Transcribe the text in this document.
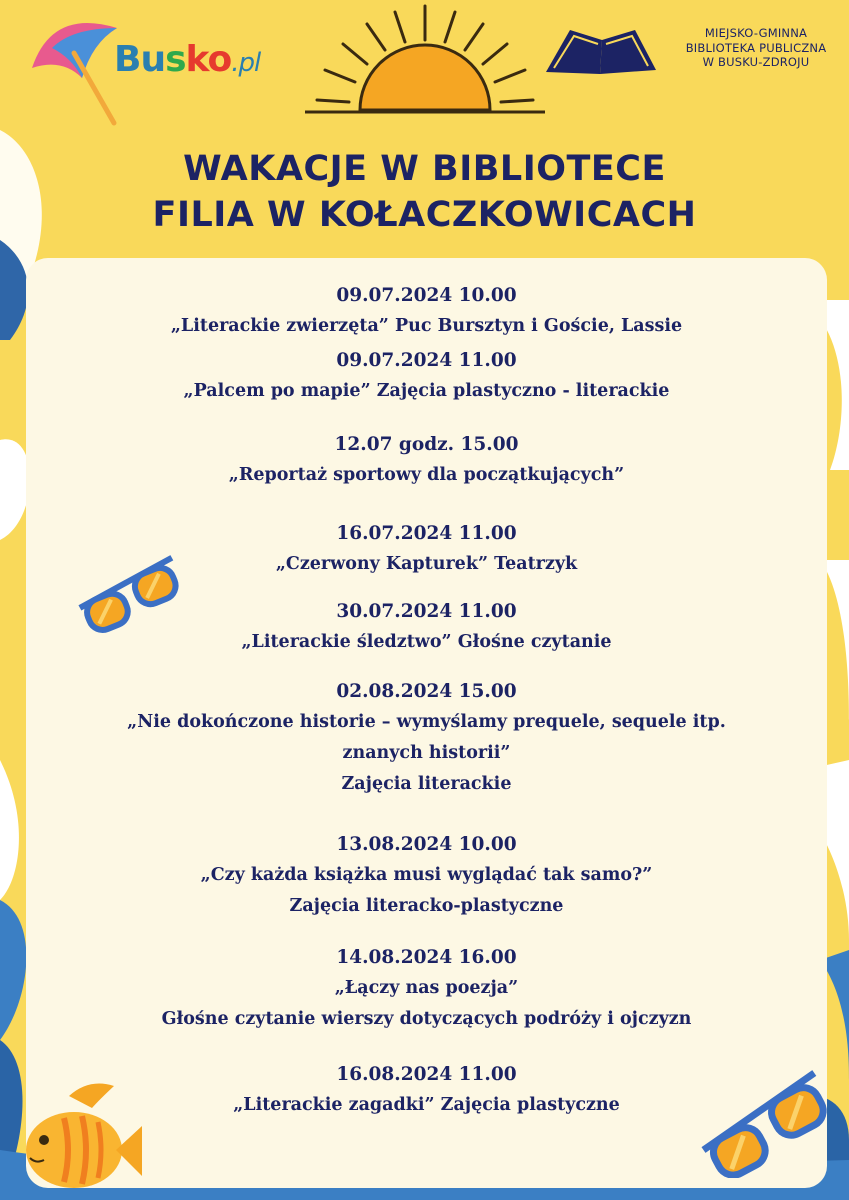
Busko.pl
MIEJSKO-GMINNA
BIBLIOTEKA PUBLICZNA
W BUSKU-ZDROJU
WAKACJE W BIBLIOTECE
FILIA W KOŁACZKOWICACH
09.07.2024 10.00
„Literackie zwierzęta” Puc Bursztyn i Goście, Lassie
09.07.2024 11.00
„Palcem po mapie” Zajęcia plastyczno - literackie
12.07 godz. 15.00
„Reportaż sportowy dla początkujących”
16.07.2024 11.00
„Czerwony Kapturek” Teatrzyk
30.07.2024 11.00
„Literackie śledztwo” Głośne czytanie
02.08.2024 15.00
„Nie dokończone historie – wymyślamy prequele, sequele itp.
znanych historii”
Zajęcia literackie
13.08.2024 10.00
„Czy każda książka musi wyglądać tak samo?”
Zajęcia literacko-plastyczne
14.08.2024 16.00
„Łączy nas poezja”
Głośne czytanie wierszy dotyczących podróży i ojczyzn
16.08.2024 11.00
„Literackie zagadki” Zajęcia plastyczne
